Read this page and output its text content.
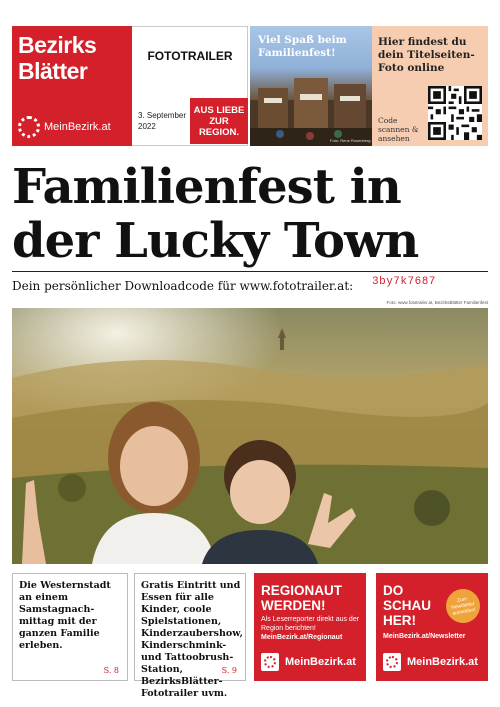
Bezirks
Blätter
MeinBezirk.at
FOTOTRAILER
3. September 2022
AUS LIEBE ZUR REGION.
Viel Spaß beim Familienfest!
Foto: Rene Rosenberg
Hier findest du dein Titelseiten-Foto online
Code scannen & ansehen
Familienfest in der Lucky Town
Dein persönlicher Downloadcode für www.fototrailer.at:	3by7k7687
Foto: www.fototrailer.at, BezirksBlätter Familienfest
Die Westernstadt an einem Samstagnach-mittag mit der ganzen Familie erleben.
S. 8
Gratis Eintritt und Essen für alle Kinder, coole Spielstationen, Kinderzaubershow, Kinderschmink- und Tattoobrush-Station, BezirksBlätter-Fototrailer uvm.
S. 9
REGIONAUT WERDEN!
Als Leserreporter direkt aus der Region berichten!
MeinBezirk.at/Regionaut
MeinBezirk.at
DO SCHAU HER!
Zum Newsletter anmelden!
MeinBezirk.at/Newsletter
MeinBezirk.at
